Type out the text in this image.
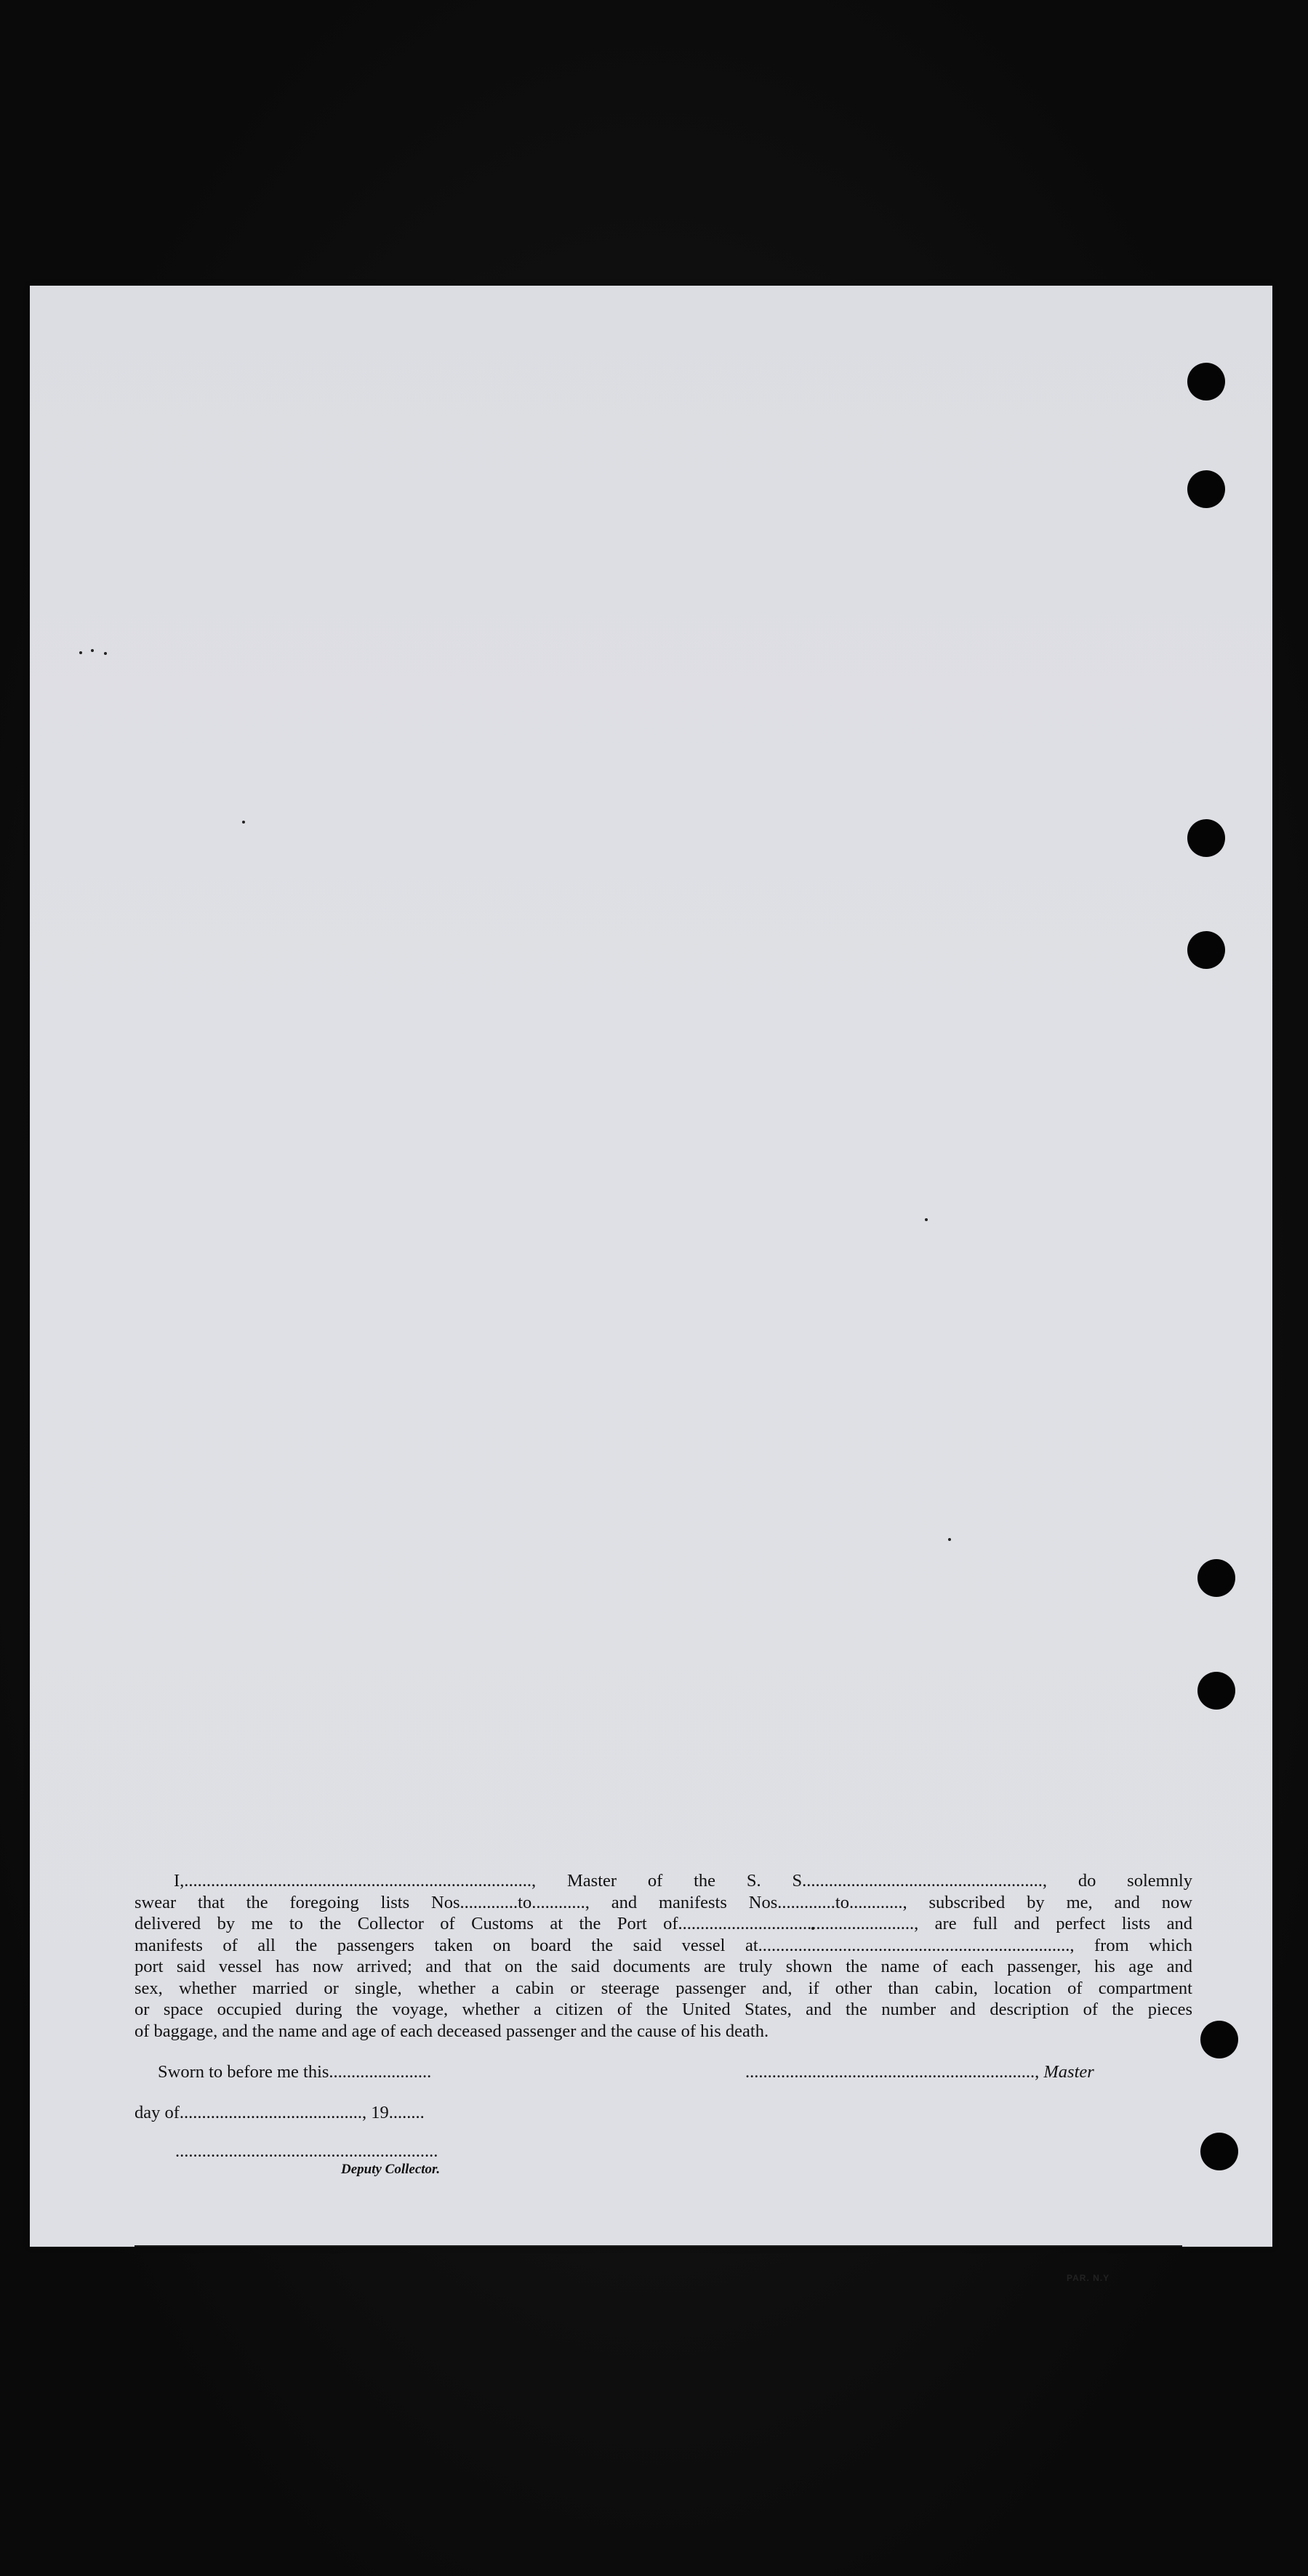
I,.............................................................................., Master of the S. S......................................................, do solemnly

swear that the foregoing lists Nos.............to............, and manifests Nos.............to............, subscribed by me, and now

delivered by me to the Collector of Customs at the Port of....................................................., are full and perfect lists and

manifests of all the passengers taken on board the said vessel at......................................................................, from which

port said vessel has now arrived; and that on the said documents are truly shown the name of each passenger, his age and

sex, whether married or single, whether a cabin or steerage passenger and, if other than cabin, location of compartment

or space occupied during the voyage, whether a citizen of the United States, and the number and description of the pieces

of baggage, and the name and age of each deceased passenger and the cause of his death.

Sworn to before me this.......................	................................................................., Master
day of........................................., 19........
...........................................................
Deputy Collector.
PAR. N.Y
